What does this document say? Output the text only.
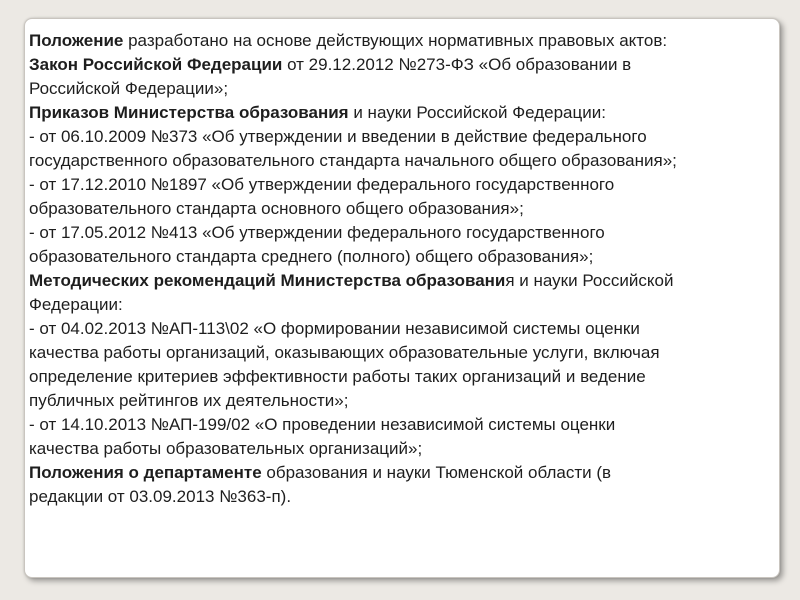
Положение разработано на основе действующих нормативных правовых актов:
Закон Российской Федерации от 29.12.2012 №273-ФЗ «Об образовании в
Российской Федерации»;
Приказов Министерства образования и науки Российской Федерации:
- от 06.10.2009 №373 «Об утверждении и введении в действие федерального
государственного образовательного стандарта начального общего образования»;
- от 17.12.2010 №1897 «Об утверждении федерального государственного
образовательного стандарта основного общего образования»;
- от 17.05.2012 №413 «Об утверждении федерального государственного
образовательного стандарта среднего (полного) общего образования»;
Методических рекомендаций Министерства образования и науки Российской
Федерации:
- от 04.02.2013 №АП-113\02 «О формировании независимой системы оценки
качества работы организаций, оказывающих образовательные услуги, включая
определение критериев эффективности работы таких организаций и ведение
публичных рейтингов их деятельности»;
- от 14.10.2013 №АП-199/02 «О проведении независимой системы оценки
качества работы образовательных организаций»;
Положения о департаменте образования и науки Тюменской области (в
редакции от 03.09.2013 №363-п).
